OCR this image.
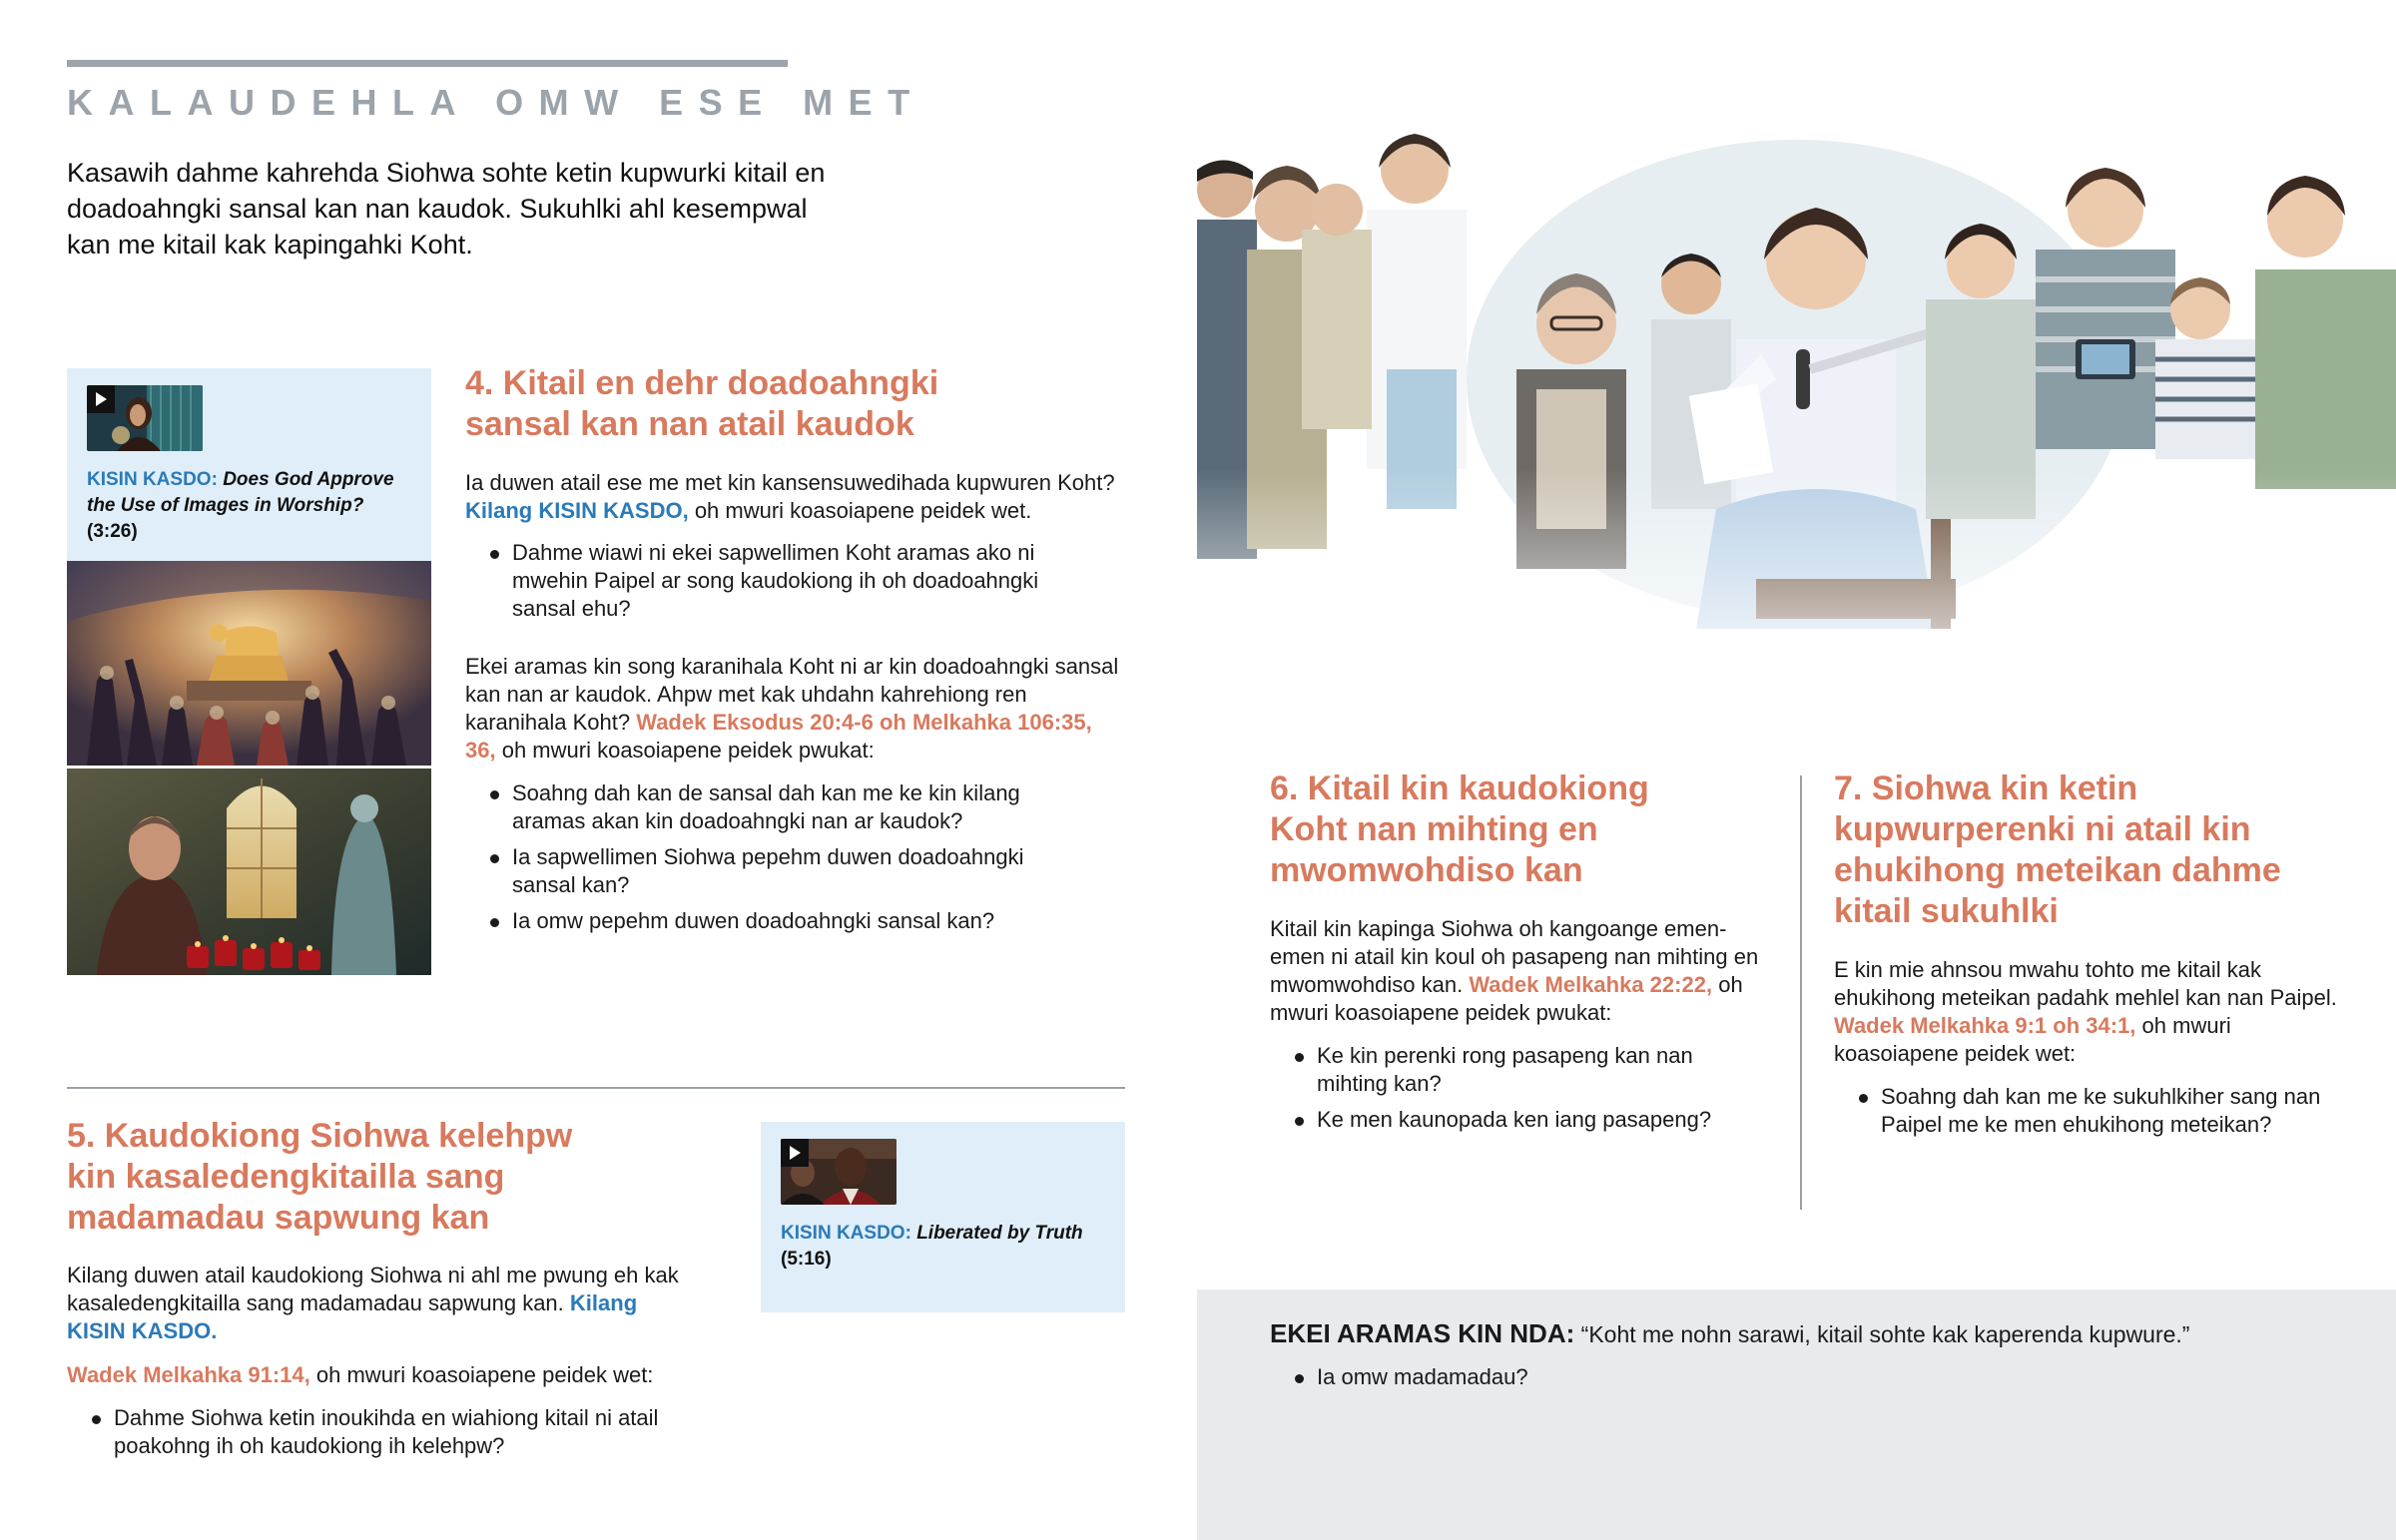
KALAUDEHLA OMW ESE MET
Kasawih dahme kahrehda Siohwa sohte ketin kupwurki kitail en doadoahngki sansal kan nan kaudok. Sukuhlki ahl kesempwal kan me kitail kak kapingahki Koht.
KISIN KASDO: Does God Approve the Use of Images in Worship?
(3:26)
4. Kitail en dehr doadoahngki
sansal kan nan atail kaudok
Ia duwen atail ese me met kin kansensuwedihada kupwuren Koht? Kilang KISIN KASDO, oh mwuri koasoiapene peidek wet.
Dahme wiawi ni ekei sapwellimen Koht aramas ako ni mwehin Paipel ar song kaudokiong ih oh doadoahngki sansal ehu?
Ekei aramas kin song karanihala Koht ni ar kin doadoahngki sansal kan nan ar kaudok. Ahpw met kak uhdahn kahrehiong ren karanihala Koht? Wadek Eksodus 20:4-6 oh Melkahka 106:35, 36, oh mwuri koasoiapene peidek pwukat:
Soahng dah kan de sansal dah kan me ke kin kilang aramas akan kin doadoahngki nan ar kaudok?
Ia sapwellimen Siohwa pepehm duwen doadoahngki sansal kan?
Ia omw pepehm duwen doadoahngki sansal kan?
5. Kaudokiong Siohwa kelehpw
kin kasaledengkitailla sang
madamadau sapwung kan
Kilang duwen atail kaudokiong Siohwa ni ahl me pwung eh kak kasaledengkitailla sang madamadau sapwung kan. Kilang KISIN KASDO.
Wadek Melkahka 91:14, oh mwuri koasoiapene peidek wet:
Dahme Siohwa ketin inoukihda en wiahiong kitail ni atail poakohng ih oh kaudokiong ih kelehpw?
KISIN KASDO: Liberated by Truth
(5:16)
6. Kitail kin kaudokiong
Koht nan mihting en
mwomwohdiso kan
Kitail kin kapinga Siohwa oh kangoange emen-emen ni atail kin koul oh pasapeng nan mihting en mwomwohdiso kan. Wadek Melkahka 22:22, oh mwuri koasoiapene peidek pwukat:
Ke kin perenki rong pasapeng kan nan mihting kan?
Ke men kaunopada ken iang pasapeng?
7. Siohwa kin ketin
kupwurperenki ni atail kin
ehukihong meteikan dahme
kitail sukuhlki
E kin mie ahnsou mwahu tohto me kitail kak ehukihong meteikan padahk mehlel kan nan Paipel. Wadek Melkahka 9:1 oh 34:1, oh mwuri koasoiapene peidek wet:
Soahng dah kan me ke sukuhlkiher sang nan Paipel me ke men ehukihong meteikan?
EKEI ARAMAS KIN NDA: “Koht me nohn sarawi, kitail sohte kak kaperenda kupwure.”
Ia omw madamadau?
